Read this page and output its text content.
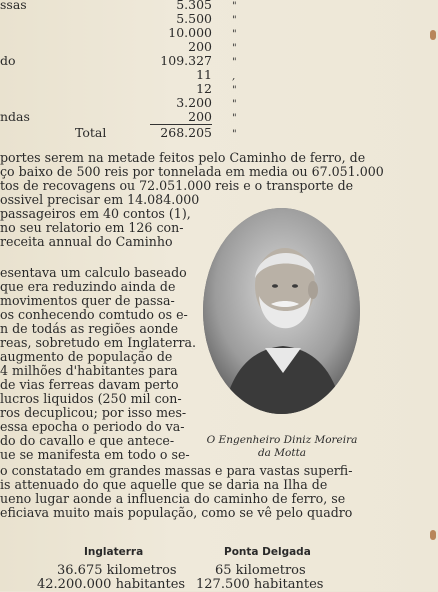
ssas
do
ndas
5.305
5.500
10.000
200
109.327
11
12
3.200
200
268.205
Total
"
"
"
"
"
,
"
"
"
"
portes serem na metade feitos pelo Caminho de ferro, de
ço baixo de 500 reis por tonnelada em media ou 67.051.000
tos de recovagens ou 72.051.000 reis e o transporte de
ossivel precisar em 14.084.000
passageiros em 40 contos (1),
no seu relatorio em 126 con-
receita annual do Caminho
esentava um calculo baseado
que era reduzindo ainda de
movimentos quer de passa-
os conhecendo comtudo os e-
n de todás as regiões aonde
reas, sobretudo em Inglaterra.
augmento de população de
4 milhões d'habitantes para
de vias ferreas davam perto
lucros liquidos (250 mil con-
ros decuplicou; por isso mes-
essa epocha o periodo do va-
do do cavallo e que antece-
ue se manifesta em todo o se-
o constatado em grandes massas e para vastas superfi-
is attenuado do que aquelle que se daria na Ilha de
ueno lugar aonde a influencia do caminho de ferro, se
eficiava muito mais população, como se vê pelo quadro
O Engenheiro Diniz Moreira
da Motta
Inglaterra	Ponta Delgada
36.675 kilometros
42.200.000 habitantes
65 kilometros
127.500 habitantes
